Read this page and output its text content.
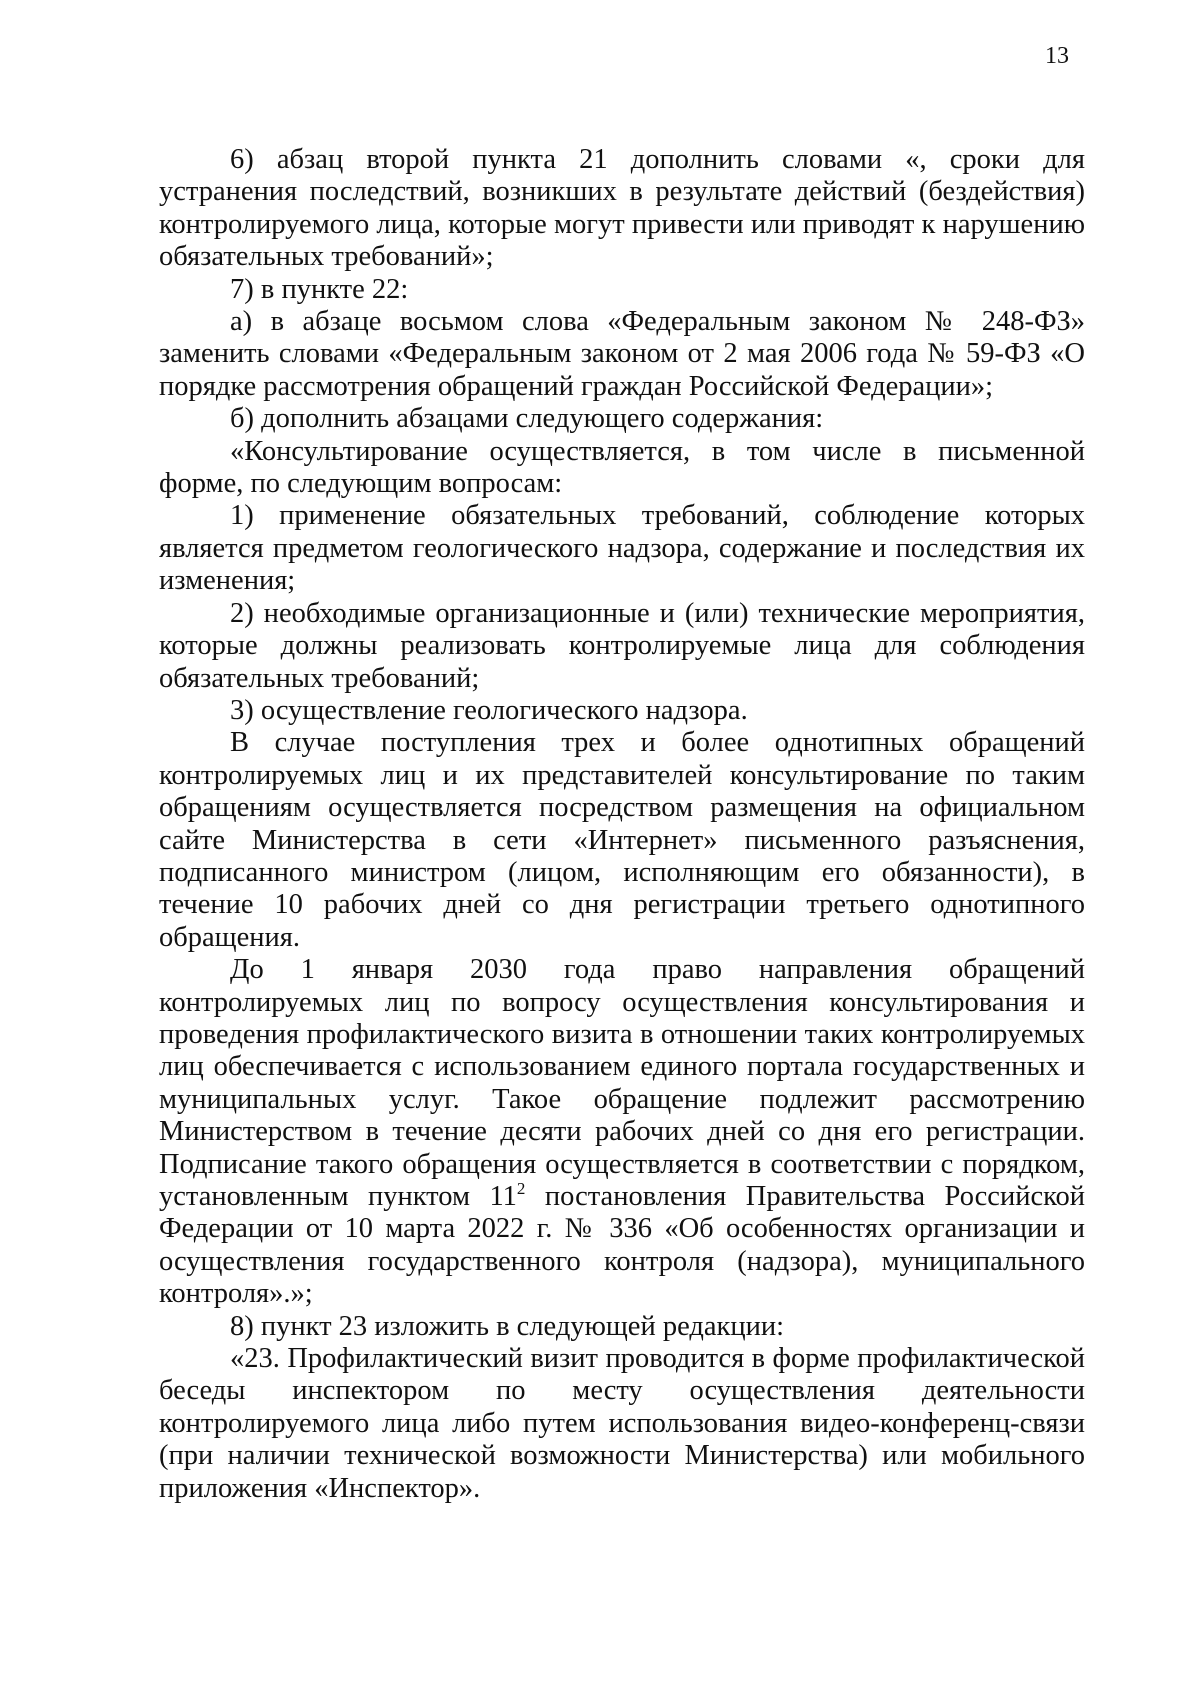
13

6) абзац второй пункта 21 дополнить словами «, сроки для устранения последствий, возникших в результате действий (бездействия) контролируемого лица, которые могут привести или приводят к нарушению обязательных требований»;

7) в пункте 22:

а) в абзаце восьмом слова «Федеральным законом № 248-ФЗ» заменить словами «Федеральным законом от 2 мая 2006 года № 59-ФЗ «О порядке рассмотрения обращений граждан Российской Федерации»;

б) дополнить абзацами следующего содержания:

«Консультирование осуществляется, в том числе в письменной форме, по следующим вопросам:

1) применение обязательных требований, соблюдение которых является предметом геологического надзора, содержание и последствия их изменения;

2) необходимые организационные и (или) технические мероприятия, которые должны реализовать контролируемые лица для соблюдения обязательных требований;

3) осуществление геологического надзора.

В случае поступления трех и более однотипных обращений контролируемых лиц и их представителей консультирование по таким обращениям осуществляется посредством размещения на официальном сайте Министерства в сети «Интернет» письменного разъяснения, подписанного министром (лицом, исполняющим его обязанности), в течение 10 рабочих дней со дня регистрации третьего однотипного обращения.

До 1 января 2030 года право направления обращений контролируемых лиц по вопросу осуществления консультирования и проведения профилактического визита в отношении таких контролируемых лиц обеспечивается с использованием единого портала государственных и муниципальных услуг. Такое обращение подлежит рассмотрению Министерством в течение десяти рабочих дней со дня его регистрации. Подписание такого обращения осуществляется в соответствии с порядком, установленным пунктом $11^2$ постановления Правительства Российской Федерации от 10 марта 2022 г. № 336 «Об особенностях организации и осуществления государственного контроля (надзора), муниципального контроля».»;

8) пункт 23 изложить в следующей редакции:

«23. Профилактический визит проводится в форме профилактической беседы инспектором по месту осуществления деятельности контролируемого лица либо путем использования видео-конференц-связи (при наличии технической возможности Министерства) или мобильного приложения «Инспектор».
